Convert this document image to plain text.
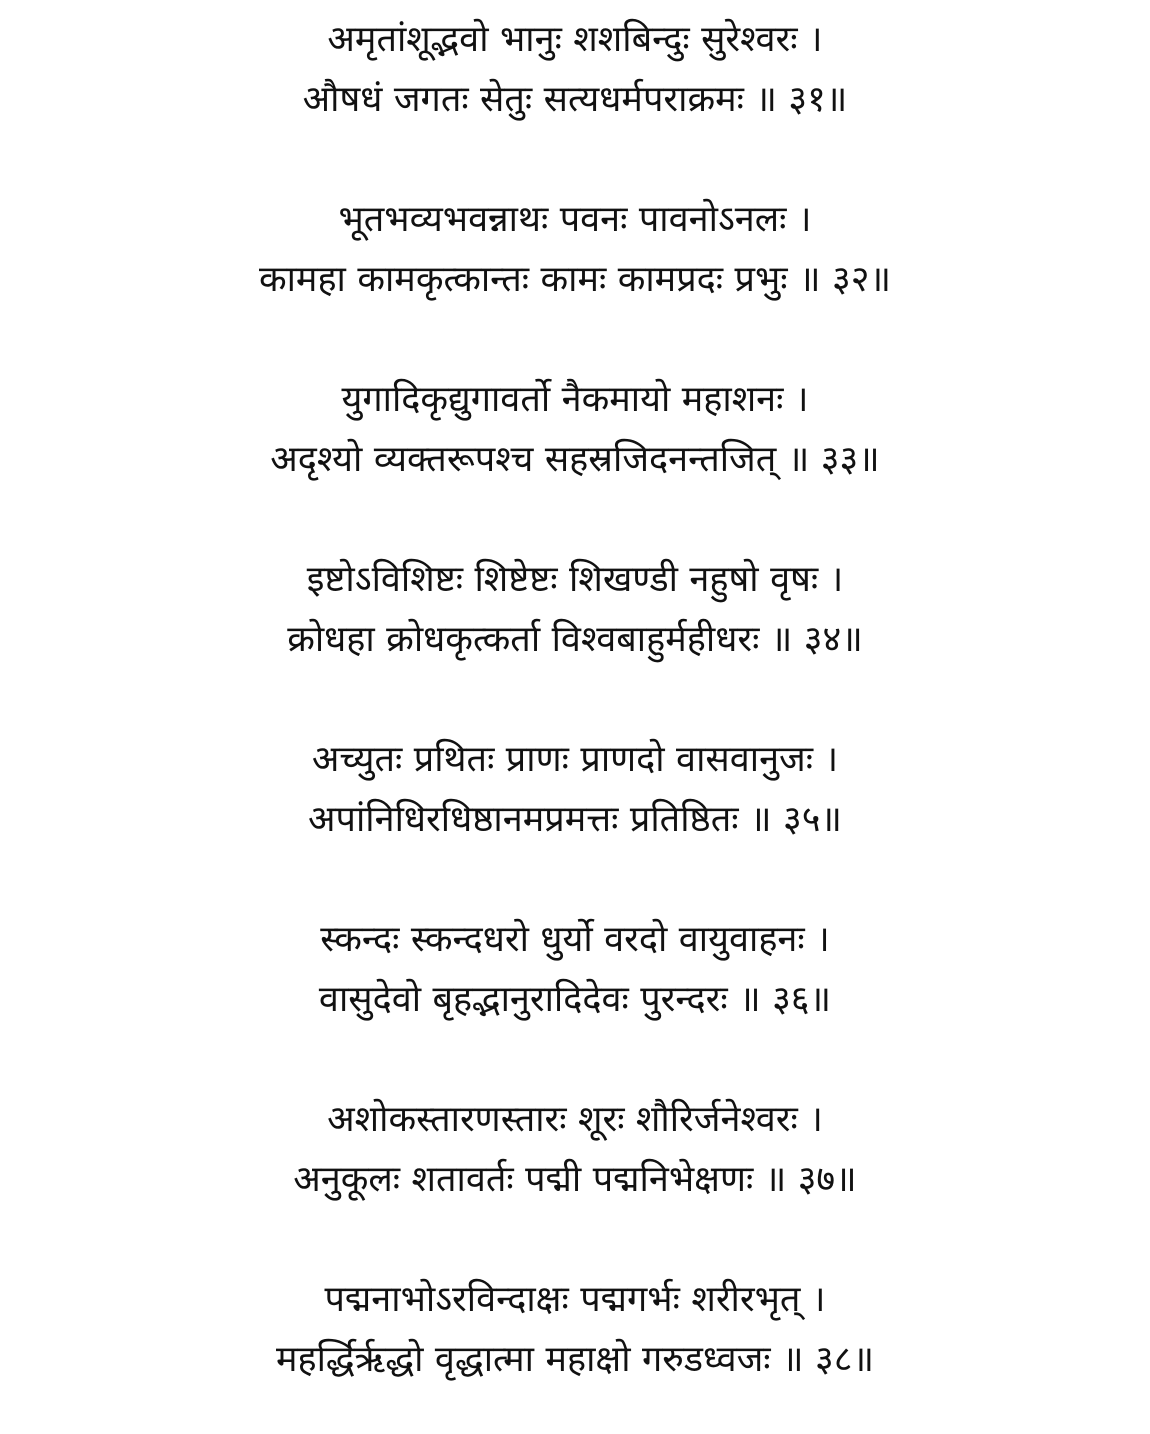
अमृतांशूद्भवो भानुः शशबिन्दुः सुरेश्वरः ।
औषधं जगतः सेतुः सत्यधर्मपराक्रमः ॥ ३१॥
भूतभव्यभवन्नाथः पवनः पावनोऽनलः ।
कामहा कामकृत्कान्तः कामः कामप्रदः प्रभुः ॥ ३२॥
युगादिकृद्युगावर्तो नैकमायो महाशनः ।
अदृश्यो व्यक्तरूपश्च सहस्रजिदनन्तजित् ॥ ३३॥
इष्टोऽविशिष्टः शिष्टेष्टः शिखण्डी नहुषो वृषः ।
क्रोधहा क्रोधकृत्कर्ता विश्वबाहुर्महीधरः ॥ ३४॥
अच्युतः प्रथितः प्राणः प्राणदो वासवानुजः ।
अपांनिधिरधिष्ठानमप्रमत्तः प्रतिष्ठितः ॥ ३५॥
स्कन्दः स्कन्दधरो धुर्यो वरदो वायुवाहनः ।
वासुदेवो बृहद्भानुरादिदेवः पुरन्दरः ॥ ३६॥
अशोकस्तारणस्तारः शूरः शौरिर्जनेश्वरः ।
अनुकूलः शतावर्तः पद्मी पद्मनिभेक्षणः ॥ ३७॥
पद्मनाभोऽरविन्दाक्षः पद्मगर्भः शरीरभृत् ।
महर्द्धिर्ऋद्धो वृद्धात्मा महाक्षो गरुडध्वजः ॥ ३८॥
